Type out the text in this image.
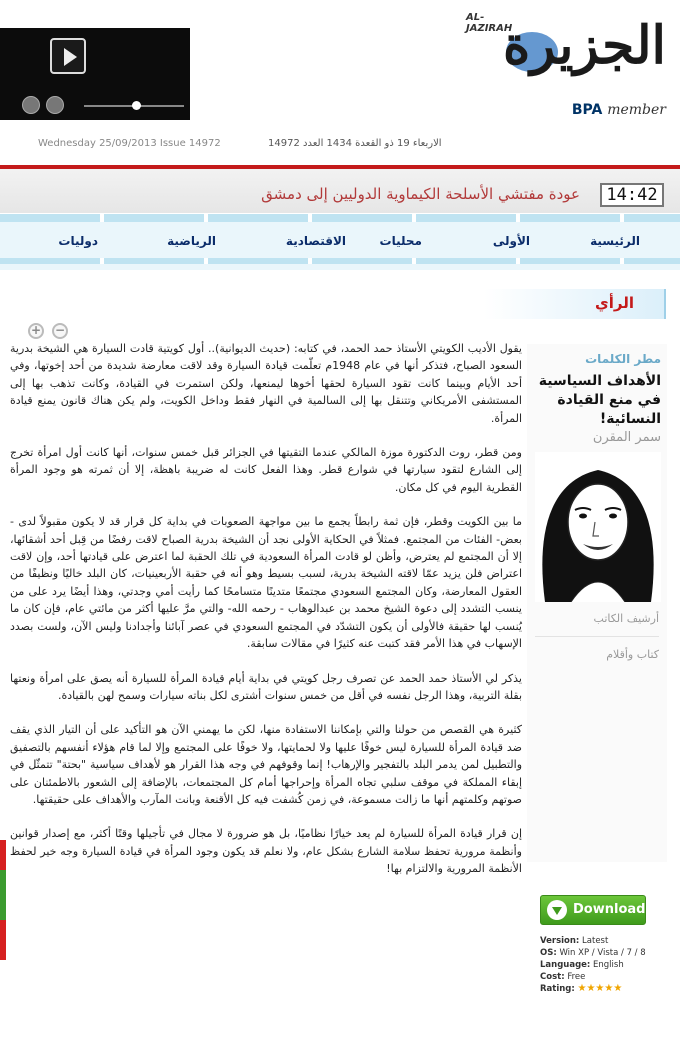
AL-JAZIRAH
الجزيرة
BPA member
Wednesday 25/09/2013 Issue 14972	الاربعاء 19 ذو القعدة 1434 العدد 14972
14:42
عودة مفتشي الأسلحة الكيماوية الدوليين إلى دمشق
الرئيسية
الأولى
محليات
الاقتصادية
الرياضية
دوليات
الرأي
+ −
مطر الكلمات
الأهداف السياسية في منع القيادة النسائية!
سمر المقرن
أرشيف الكاتب
كتاب وأقلام
Download
Version: Latest
OS: Win XP / Vista / 7 / 8
Language: English
Cost: Free
Rating: ★★★★★

يقول الأديب الكويتي الأستاذ حمد الحمد، في كتابه: (حديث الديوانية).. أول كويتية قادت السيارة هي الشيخة بدرية السعود الصباح، فتذكر أنها في عام 1948م تعلّمت قيادة السيارة وقد لاقت معارضة شديدة من أحد إخوتها، وفي أحد الأيام وبينما كانت تقود السيارة لحقها أخوها ليمنعها، ولكن استمرت في القيادة، وكانت تذهب بها إلى المستشفى الأمريكاني وتتنقل بها إلى السالمية في النهار فقط وداخل الكويت، ولم يكن هناك قانون يمنع قيادة المرأة.

ومن قطر، روت الدكتورة موزة المالكي عندما التقيتها في الجزائر قبل خمس سنوات، أنها كانت أول امرأة تخرج إلى الشارع لتقود سيارتها في شوارع قطر. وهذا الفعل كانت له ضريبة باهظة، إلا أن ثمرته هو وجود المرأة القطرية اليوم في كل مكان.

ما بين الكويت وقطر، فإن ثمة رابطاً يجمع ما بين مواجهة الصعوبات في بداية كل قرار قد لا يكون مقبولاً لدى - بعض- الفئات من المجتمع. فمثلاً في الحكاية الأولى نجد أن الشيخة بدرية الصباح لاقت رفضًا من قِبل أحد أشقائها، إلا أن المجتمع لم يعترض، وأظن لو قادت المرأة السعودية في تلك الحقبة لما اعترض على قيادتها أحد، وإن لاقت اعتراض فلن يزيد عمّا لاقته الشيخة بدرية، لسبب بسيط وهو أنه في حقبة الأربعينيات، كان البلد خاليًا ونظيفًا من العقول المعارضة، وكان المجتمع السعودي مجتمعًا متدينًا متسامحًا كما رأيت أمي وجدتي، وهذا أيضًا يرد على من ينسب التشدد إلى دعوة الشيخ محمد بن عبدالوهاب - رحمه الله- والتي مرَّ عليها أكثر من مائتي عام، فإن كان ما يُنسب لها حقيقة فالأولى أن يكون التشدّد في المجتمع السعودي في عصر آبائنا وأجدادنا وليس الآن، ولست بصدد الإسهاب في هذا الأمر فقد كتبت عنه كثيرًا في مقالات سابقة.

يذكر لي الأستاذ حمد الحمد عن تصرف رجل كويتي في بداية أيام قيادة المرأة للسيارة أنه يصق على امرأة ونعتها بقلة التربية، وهذا الرجل نفسه في أقل من خمس سنوات أشترى لكل بناته سيارات وسمح لهن بالقيادة.

كثيرة هي القصص من حولنا والتي بإمكاننا الاستفادة منها، لكن ما يهمني الآن هو التأكيد على أن التيار الذي يقف ضد قيادة المرأة للسيارة ليس خوفًا عليها ولا لحمايتها، ولا خوفًا على المجتمع وإلا لما قام هؤلاء أنفسهم بالتصفيق والتطبيل لمن يدمر البلد بالتفجير والإرهاب! إنما وقوفهم في وجه هذا القرار هو لأهداف سياسية "بحتة" تتمثّل في إبقاء المملكة في موقف سلبي تجاه المرأة وإحراجها أمام كل المجتمعات، بالإضافة إلى الشعور بالاطمئنان على صوتهم وكلمتهم أنها ما زالت مسموعة، في زمن كُشفت فيه كل الأقنعة وبانت المآرب والأهداف على حقيقتها.

إن قرار قيادة المرأة للسيارة لم يعد خيارًا نظاميًا، بل هو ضرورة لا مجال في تأجيلها وقتًا أكثر، مع إصدار قوانين وأنظمة مرورية تحفظ سلامة الشارع بشكل عام، ولا نعلم قد يكون وجود المرأة في قيادة السيارة وجه خير لحفظ الأنظمة المرورية والالتزام بها!
